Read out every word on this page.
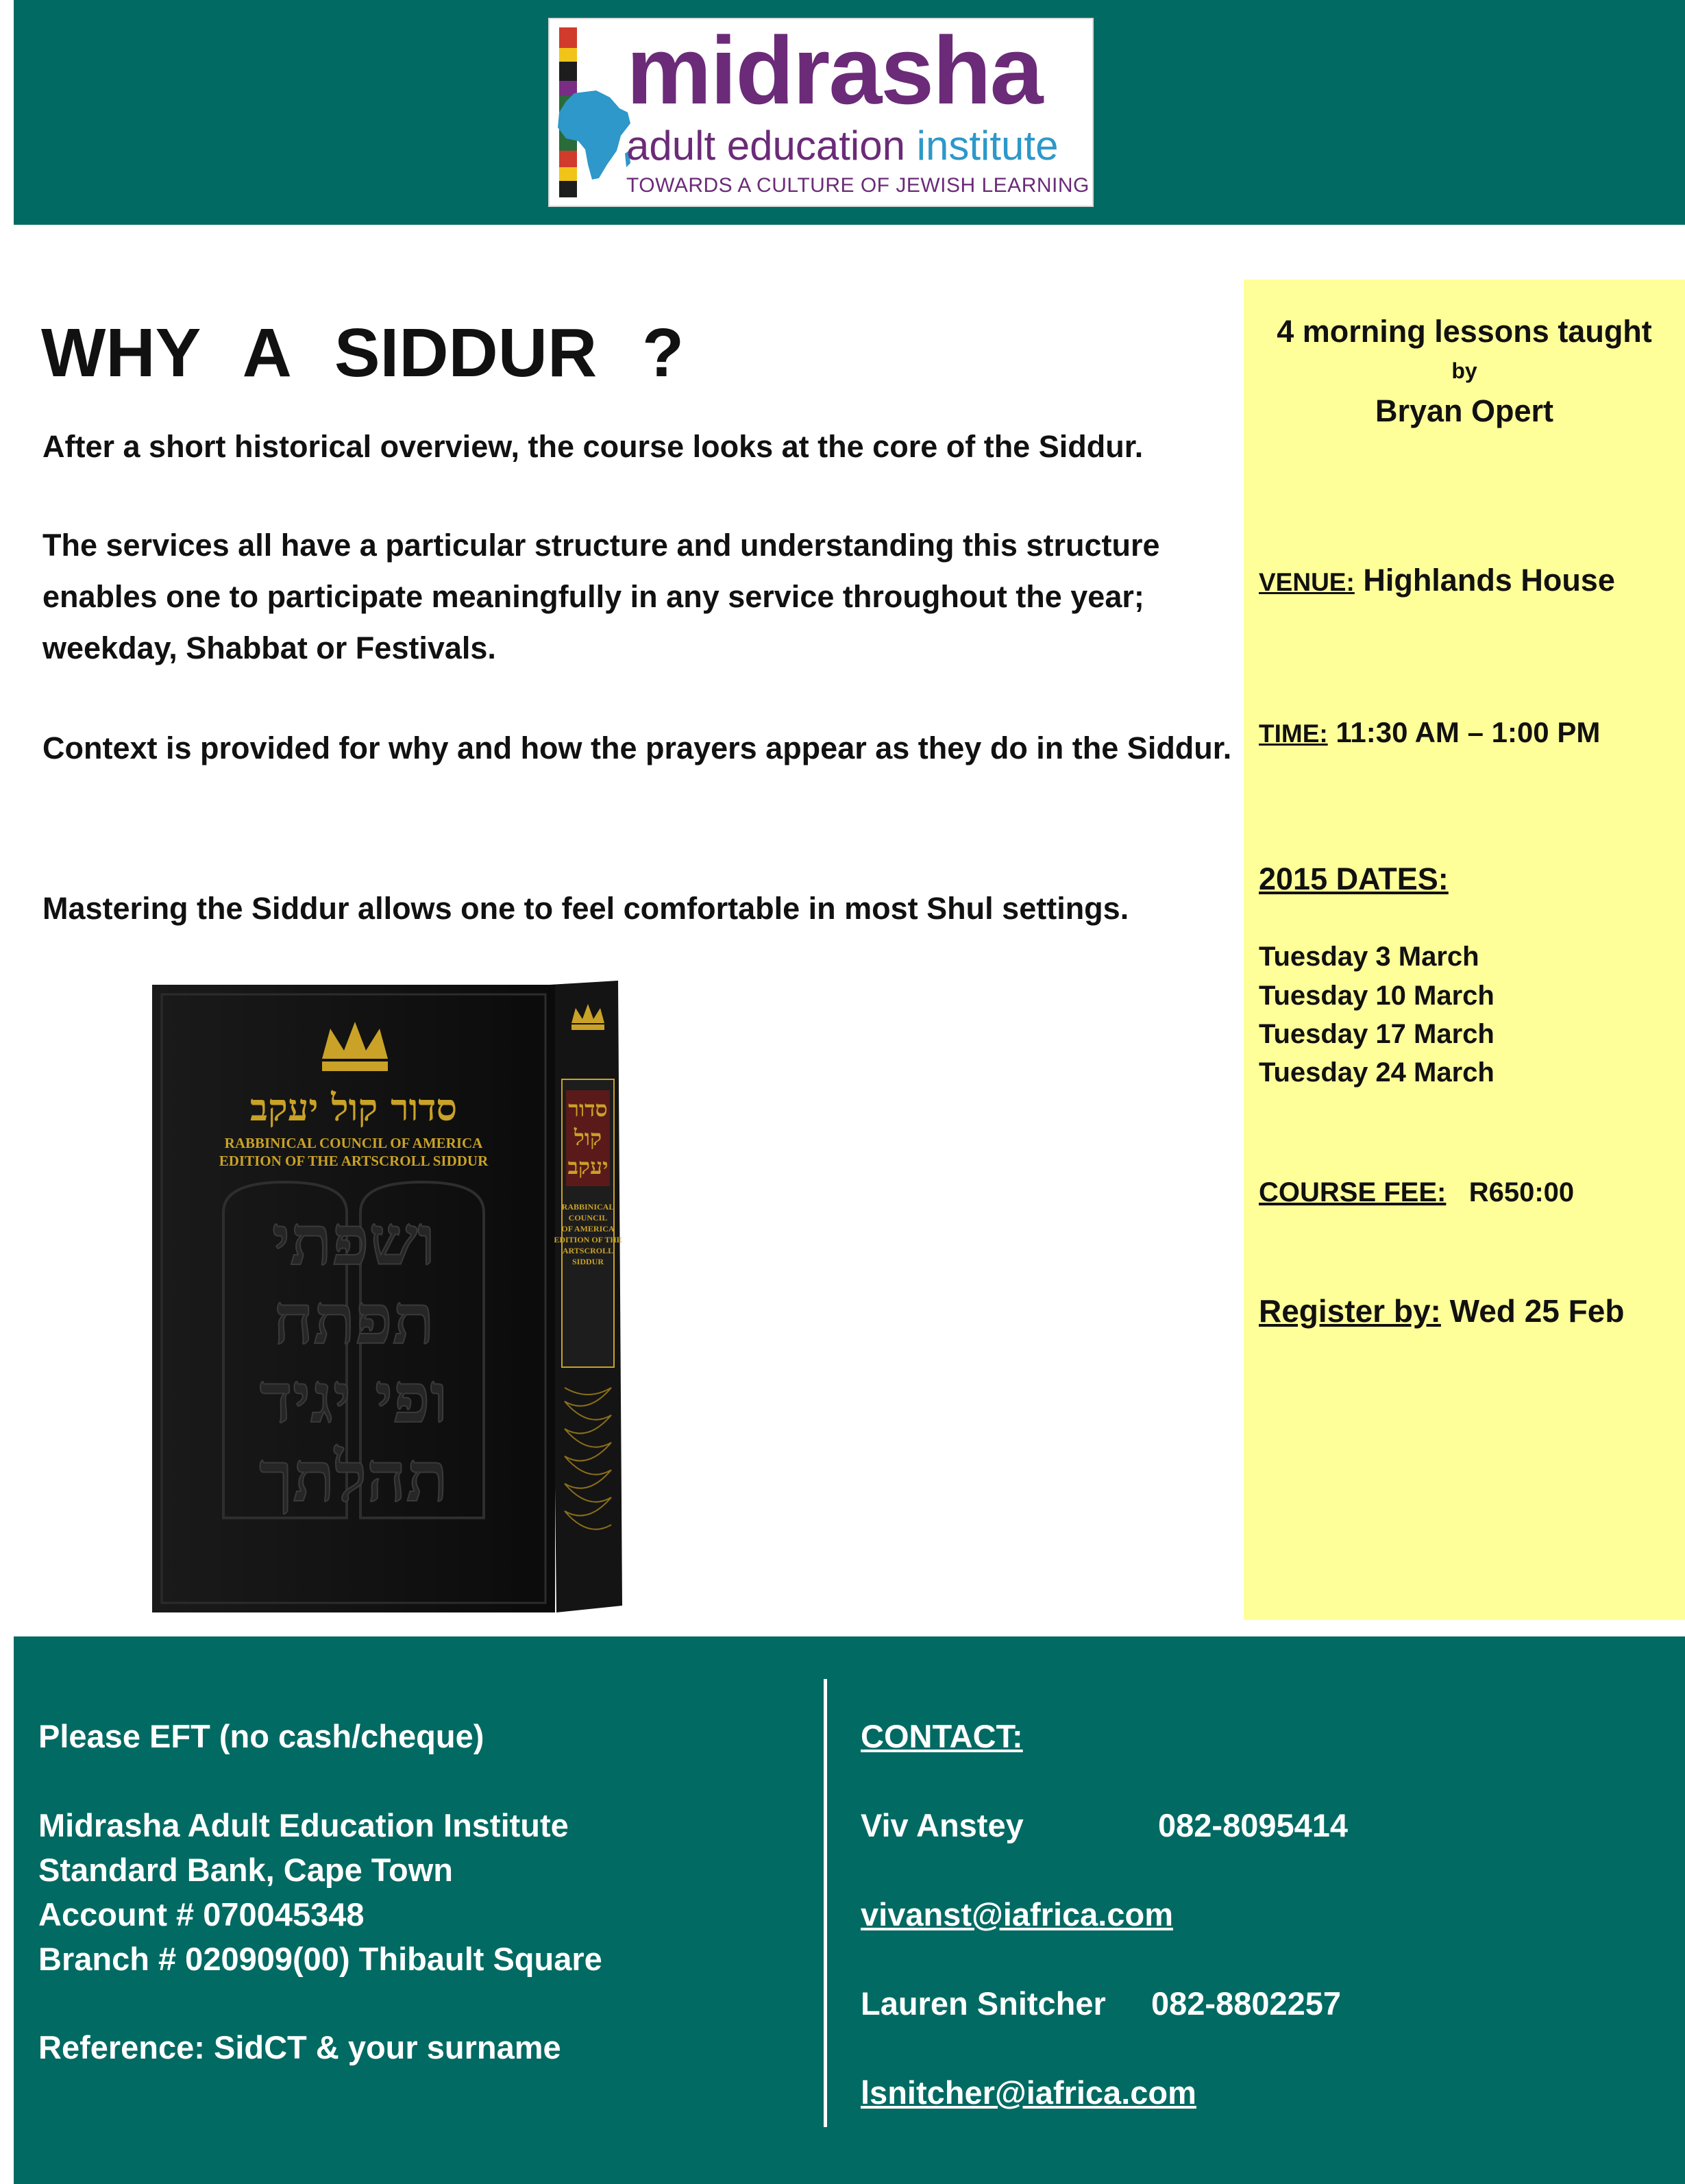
midrasha
adult education institute
TOWARDS A CULTURE OF JEWISH LEARNING
WHY A SIDDUR ?

After a short historical overview, the course looks at the core of the Siddur.

The services all have a particular structure and understanding this structure enables one to participate meaningfully in any service throughout the year; weekday, Shabbat or Festivals.

Context is provided for why and how the prayers appear as they do in the Siddur.

Mastering the Siddur allows one to feel comfortable in most Shul settings.

סדור קול יעקב
RABBINICAL COUNCIL OF AMERICA
EDITION OF THE ARTSCROLL SIDDUR
ושפתי
תפתח
ופי יגיד
תהלתך
סדור
קול
יעקב
RABBINICAL
COUNCIL
OF AMERICA
EDITION OF THE
ARTSCROLL
SIDDUR
4 morning lessons taught
by
Bryan Opert
VENUE: Highlands House
TIME: 11:30 AM – 1:00 PM
2015 DATES:
Tuesday 3 March
Tuesday 10 March
Tuesday 17 March
Tuesday 24 March
COURSE FEE: R650:00
Register by: Wed 25 Feb
Please EFT (no cash/cheque)
Midrasha Adult Education Institute
Standard Bank, Cape Town
Account # 070045348
Branch # 020909(00) Thibault Square
Reference: SidCT & your surname
CONTACT:
Viv Anstey	082-8095414
vivanst@iafrica.com
Lauren Snitcher 082-8802257
lsnitcher@iafrica.com
